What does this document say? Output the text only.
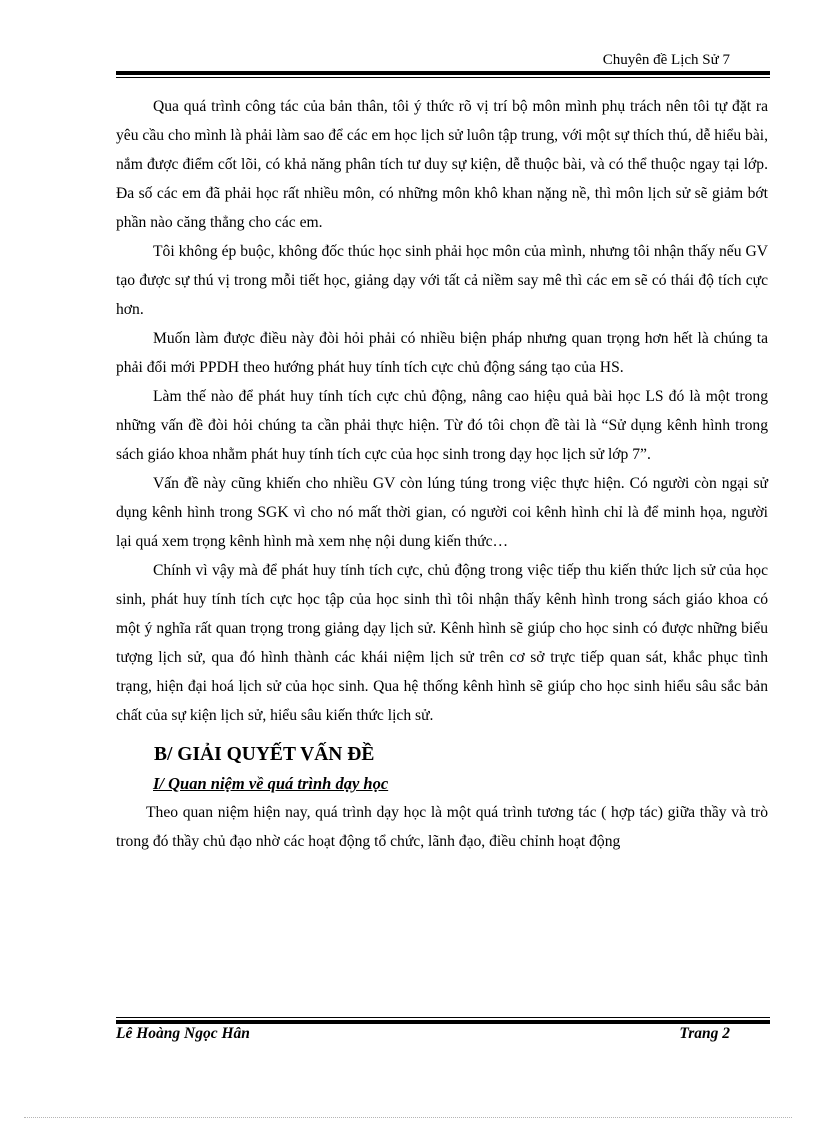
Chuyên đề Lịch Sử 7

Qua quá trình công tác của bản thân, tôi ý thức rõ vị trí bộ môn mình phụ trách nên tôi tự đặt ra yêu cầu cho mình là phải làm sao để các em học lịch sử luôn tập trung, với một sự thích thú, dễ hiểu bài, nắm được điểm cốt lõi, có khả năng phân tích tư duy sự kiện, dễ thuộc bài, và có thể thuộc ngay tại lớp. Đa số các em đã phải học rất nhiều môn, có những môn khô khan nặng nề, thì môn lịch sử sẽ giảm bớt phần nào căng thẳng cho các em.

Tôi không ép buộc, không đốc thúc học sinh phải học môn của mình, nhưng tôi nhận thấy nếu GV tạo được sự thú vị trong mỗi tiết học, giảng dạy với tất cả niềm say mê thì các em sẽ có thái độ tích cực hơn.

Muốn làm được điều này đòi hỏi phải có nhiều biện pháp nhưng quan trọng hơn hết là chúng ta phải đổi mới PPDH theo hướng phát huy tính tích cực chủ động sáng tạo của HS.

Làm thế nào để phát huy tính tích cực chủ động, nâng cao hiệu quả bài học LS đó là một trong những vấn đề đòi hỏi chúng ta cần phải thực hiện. Từ đó tôi chọn đề tài là “Sử dụng kênh hình trong sách giáo khoa nhằm phát huy tính tích cực của học sinh trong dạy học lịch sử lớp 7”.

Vấn đề này cũng khiến cho nhiều GV còn lúng túng trong việc thực hiện. Có người còn ngại sử dụng kênh hình trong SGK vì cho nó mất thời gian, có người coi kênh hình chỉ là để minh họa, người lại quá xem trọng kênh hình mà xem nhẹ nội dung kiến thức…

Chính vì vậy mà để phát huy tính tích cực, chủ động trong việc tiếp thu kiến thức lịch sử của học sinh, phát huy tính tích cực học tập của học sinh thì tôi nhận thấy kênh hình trong sách giáo khoa có một ý nghĩa rất quan trọng trong giảng dạy lịch sử. Kênh hình sẽ giúp cho học sinh có được những biểu tượng lịch sử, qua đó hình thành các khái niệm lịch sử trên cơ sở trực tiếp quan sát, khắc phục tình trạng, hiện đại hoá lịch sử của học sinh. Qua hệ thống kênh hình sẽ giúp cho học sinh hiểu sâu sắc bản chất của sự kiện lịch sử, hiểu sâu kiến thức lịch sử.

B/ GIẢI QUYẾT VẤN ĐỀ
I/ Quan niệm về quá trình dạy học

Theo quan niệm hiện nay, quá trình dạy học là một quá trình tương tác ( hợp tác) giữa thầy và trò trong đó thầy chủ đạo nhờ các hoạt động tổ chức, lãnh đạo, điều chỉnh hoạt động

Lê Hoàng Ngọc Hân	Trang 2
